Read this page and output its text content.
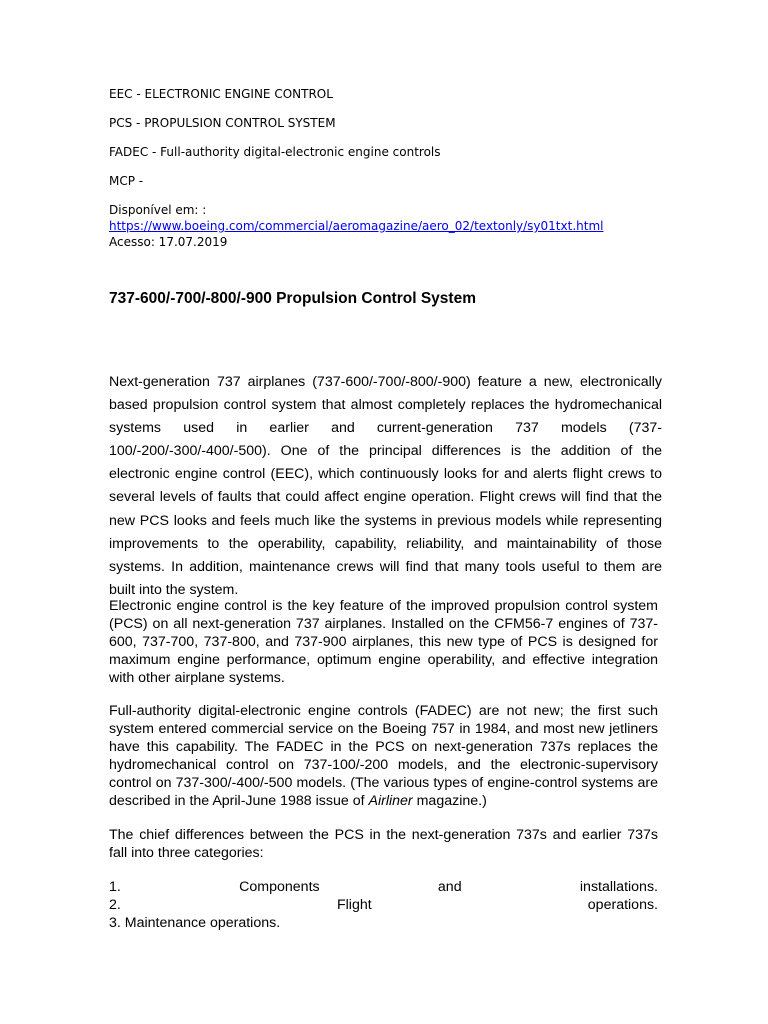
EEC - ELECTRONIC ENGINE CONTROL

PCS - PROPULSION CONTROL SYSTEM

FADEC - Full-authority digital-electronic engine controls

MCP -

Disponível em: :

https://www.boeing.com/commercial/aeromagazine/aero_02/textonly/sy01txt.html

Acesso: 17.07.2019

737-600/-700/-800/-900 Propulsion Control System

Next-generation 737 airplanes (737-600/-700/-800/-900) feature a new, electronically based propulsion control system that almost completely replaces the hydromechanical systems used in earlier and current-generation 737 models (737-100/-200/-300/-400/-500). One of the principal differences is the addition of the electronic engine control (EEC), which continuously looks for and alerts flight crews to several levels of faults that could affect engine operation. Flight crews will find that the new PCS looks and feels much like the systems in previous models while representing improvements to the operability, capability, reliability, and maintainability of those systems. In addition, maintenance crews will find that many tools useful to them are built into the system.

Electronic engine control is the key feature of the improved propulsion control system (PCS) on all next-generation 737 airplanes. Installed on the CFM56-7 engines of 737-600, 737-700, 737-800, and 737-900 airplanes, this new type of PCS is designed for maximum engine performance, optimum engine operability, and effective integration with other airplane systems.

Full-authority digital-electronic engine controls (FADEC) are not new; the first such system entered commercial service on the Boeing 757 in 1984, and most new jetliners have this capability. The FADEC in the PCS on next-generation 737s replaces the hydromechanical control on 737-100/-200 models, and the electronic-supervisory control on 737-300/-400/-500 models. (The various types of engine-control systems are described in the April-June 1988 issue of Airliner magazine.)

The chief differences between the PCS in the next-generation 737s and earlier 737s fall into three categories:

1.	Components	and	installations.
2.	Flight	operations.
3. Maintenance operations.
